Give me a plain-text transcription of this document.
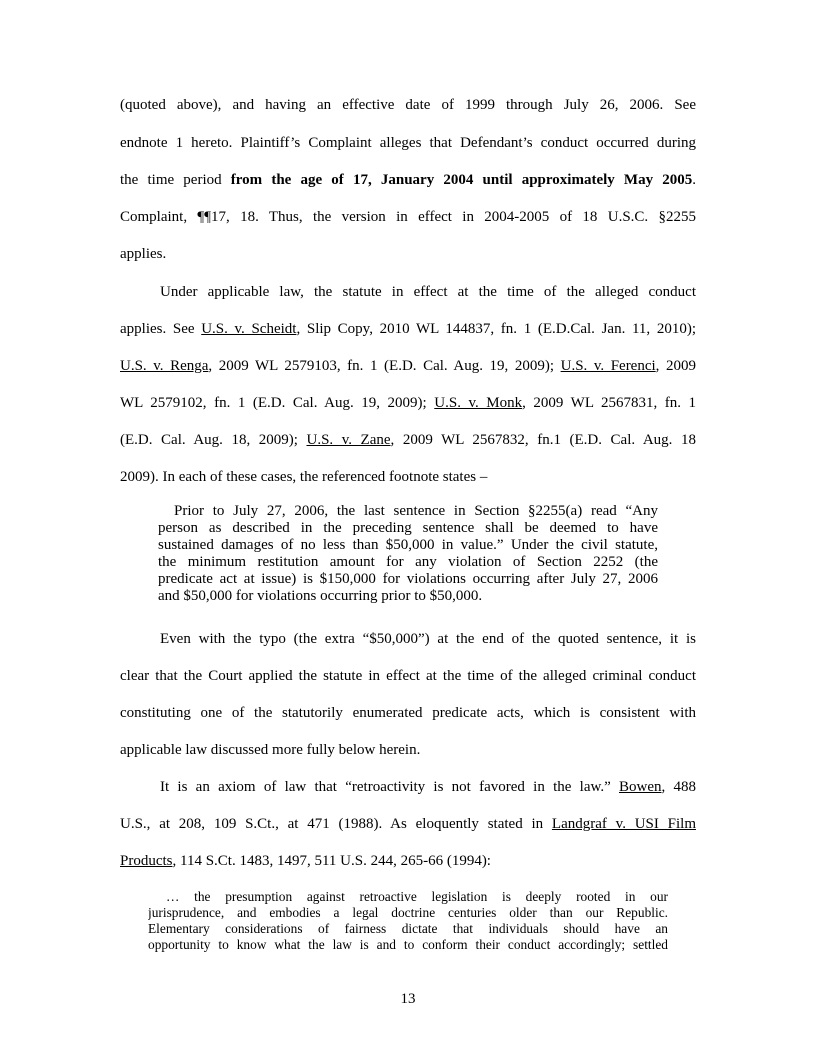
(quoted above), and having an effective date of 1999 through July 26, 2006. See
endnote 1 hereto. Plaintiff’s Complaint alleges that Defendant’s conduct occurred during
the time period from the age of 17, January 2004 until approximately May 2005.
Complaint, ¶¶17, 18. Thus, the version in effect in 2004-2005 of 18 U.S.C. §2255
applies.
Under applicable law, the statute in effect at the time of the alleged conduct
applies. See U.S. v. Scheidt, Slip Copy, 2010 WL 144837, fn. 1 (E.D.Cal. Jan. 11, 2010);
U.S. v. Renga, 2009 WL 2579103, fn. 1 (E.D. Cal. Aug. 19, 2009); U.S. v. Ferenci, 2009
WL 2579102, fn. 1 (E.D. Cal. Aug. 19, 2009); U.S. v. Monk, 2009 WL 2567831, fn. 1
(E.D. Cal. Aug. 18, 2009); U.S. v. Zane, 2009 WL 2567832, fn.1 (E.D. Cal. Aug. 18
2009). In each of these cases, the referenced footnote states –
Prior to July 27, 2006, the last sentence in Section §2255(a) read “Any
person as described in the preceding sentence shall be deemed to have
sustained damages of no less than $50,000 in value.” Under the civil statute,
the minimum restitution amount for any violation of Section 2252 (the
predicate act at issue) is $150,000 for violations occurring after July 27, 2006
and $50,000 for violations occurring prior to $50,000.
Even with the typo (the extra “$50,000”) at the end of the quoted sentence, it is
clear that the Court applied the statute in effect at the time of the alleged criminal conduct
constituting one of the statutorily enumerated predicate acts, which is consistent with
applicable law discussed more fully below herein.
It is an axiom of law that “retroactivity is not favored in the law.” Bowen, 488
U.S., at 208, 109 S.Ct., at 471 (1988). As eloquently stated in Landgraf v. USI Film
Products, 114 S.Ct. 1483, 1497, 511 U.S. 244, 265-66 (1994):
… the presumption against retroactive legislation is deeply rooted in our
jurisprudence, and embodies a legal doctrine centuries older than our Republic.
Elementary considerations of fairness dictate that individuals should have an
opportunity to know what the law is and to conform their conduct accordingly; settled
13
